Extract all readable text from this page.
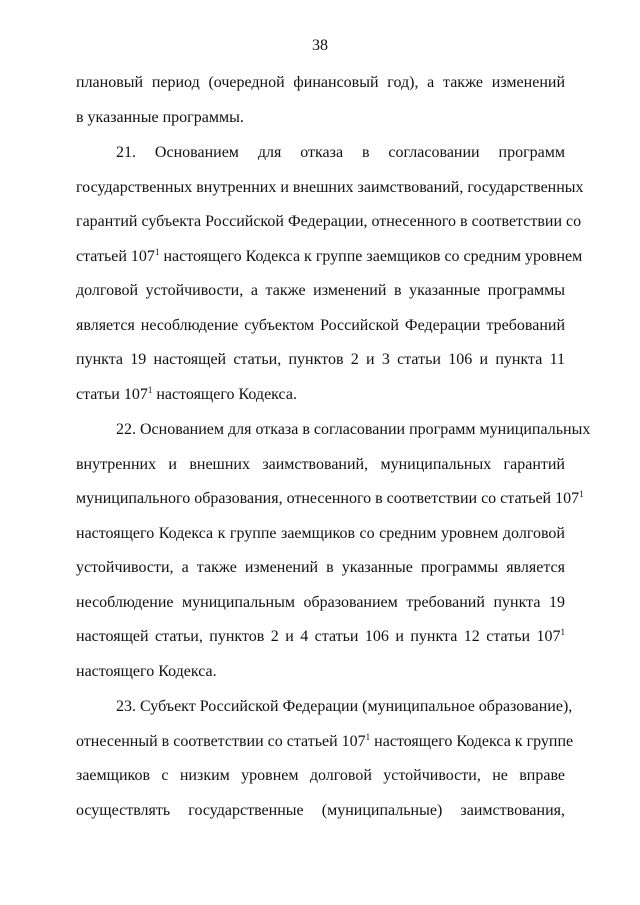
38
плановый период (очередной финансовый год), а также изменений
в указанные программы.
21. Основанием для отказа в согласовании программ
государственных внутренних и внешних заимствований, государственных
гарантий субъекта Российской Федерации, отнесенного в соответствии со
статьей $107^1$ настоящего Кодекса к группе заемщиков со средним уровнем
долговой устойчивости, а также изменений в указанные программы
является несоблюдение субъектом Российской Федерации требований
пункта 19 настоящей статьи, пунктов 2 и 3 статьи 106 и пункта 11
статьи $107^1$ настоящего Кодекса.
22. Основанием для отказа в согласовании программ муниципальных
внутренних и внешних заимствований, муниципальных гарантий
муниципального образования, отнесенного в соответствии со статьей $107^1$
настоящего Кодекса к группе заемщиков со средним уровнем долговой
устойчивости, а также изменений в указанные программы является
несоблюдение муниципальным образованием требований пункта 19
настоящей статьи, пунктов 2 и 4 статьи 106 и пункта 12 статьи $107^1$
настоящего Кодекса.
23. Субъект Российской Федерации (муниципальное образование),
отнесенный в соответствии со статьей $107^1$ настоящего Кодекса к группе
заемщиков с низким уровнем долговой устойчивости, не вправе
осуществлять государственные (муниципальные) заимствования,
